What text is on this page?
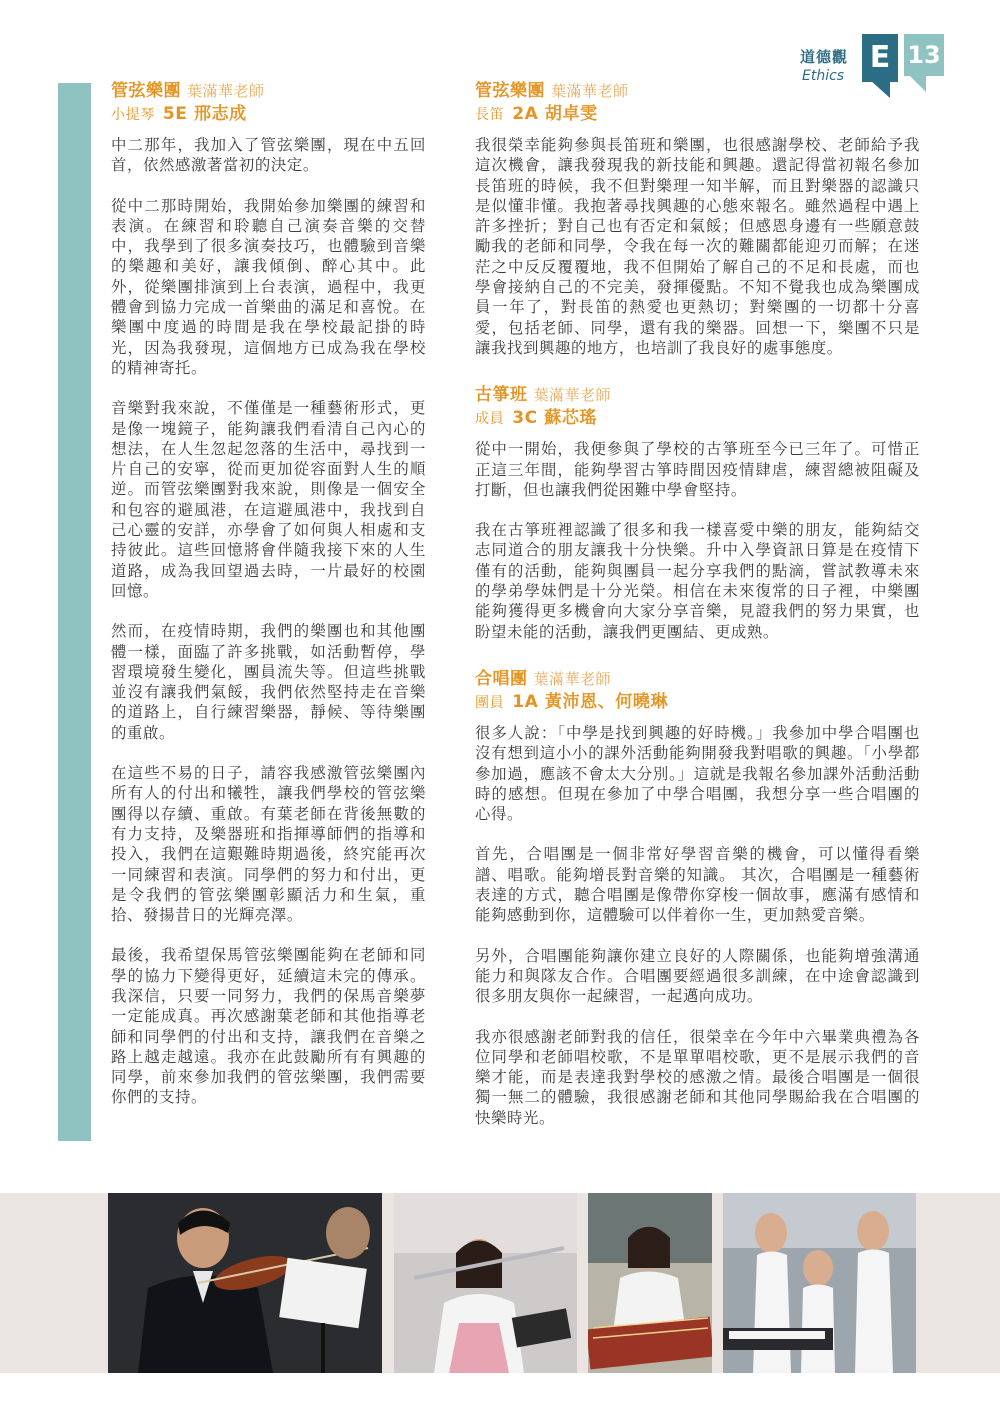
道德觀
Ethics
E 13
管弦樂團 葉滿華老師
小提琴 5E 邢志成

中二那年，我加入了管弦樂團，現在中五回首，依然感激著當初的決定。

從中二那時開始，我開始參加樂團的練習和表演。在練習和聆聽自己演奏音樂的交替中，我學到了很多演奏技巧，也體驗到音樂的樂趣和美好，讓我傾倒、醉心其中。此外，從樂團排演到上台表演，過程中，我更體會到協力完成一首樂曲的滿足和喜悅。在樂團中度過的時間是我在學校最記掛的時光，因為我發現，這個地方已成為我在學校的精神寄托。

音樂對我來說，不僅僅是一種藝術形式，更是像一塊鏡子，能夠讓我們看清自己內心的想法，在人生忽起忽落的生活中，尋找到一片自己的安寧，從而更加從容面對人生的順逆。而管弦樂團對我來說，則像是一個安全和包容的避風港，在這避風港中，我找到自己心靈的安詳，亦學會了如何與人相處和支持彼此。這些回憶將會伴隨我接下來的人生道路，成為我回望過去時，一片最好的校園回憶。

然而，在疫情時期，我們的樂團也和其他團體一樣，面臨了許多挑戰，如活動暫停，學習環境發生變化，團員流失等。但這些挑戰並沒有讓我們氣餒，我們依然堅持走在音樂的道路上，自行練習樂器，靜候、等待樂團的重啟。

在這些不易的日子，請容我感激管弦樂團內所有人的付出和犧牲，讓我們學校的管弦樂團得以存續、重啟。有葉老師在背後無數的有力支持，及樂器班和指揮導師們的指導和投入，我們在這艱難時期過後，終究能再次一同練習和表演。同學們的努力和付出，更是令我們的管弦樂團彰顯活力和生氣，重拾、發揚昔日的光輝亮澤。

最後，我希望保馬管弦樂團能夠在老師和同學的協力下變得更好，延續這未完的傳承。我深信，只要一同努力，我們的保馬音樂夢一定能成真。再次感謝葉老師和其他指導老師和同學們的付出和支持，讓我們在音樂之路上越走越遠。我亦在此鼓勵所有有興趣的同學，前來參加我們的管弦樂團，我們需要你們的支持。

管弦樂團 葉滿華老師
長笛 2A 胡卓雯

我很榮幸能夠參與長笛班和樂團，也很感謝學校、老師給予我這次機會，讓我發現我的新技能和興趣。還記得當初報名參加長笛班的時候，我不但對樂理一知半解，而且對樂器的認識只是似懂非懂。我抱著尋找興趣的心態來報名。雖然過程中遇上許多挫折；對自己也有否定和氣餒；但感恩身邊有一些願意鼓勵我的老師和同學，令我在每一次的難關都能迎刃而解；在迷茫之中反反覆覆地，我不但開始了解自己的不足和長處，而也學會接納自己的不完美，發揮優點。不知不覺我也成為樂團成員一年了，對長笛的熱愛也更熱切；對樂團的一切都十分喜愛，包括老師、同學，還有我的樂器。回想一下，樂團不只是讓我找到興趣的地方，也培訓了我良好的處事態度。

古箏班 葉滿華老師
成員 3C 蘇芯瑤

從中一開始，我便參與了學校的古箏班至今已三年了。可惜正正這三年間，能夠學習古箏時間因疫情肆虐，練習總被阻礙及打斷，但也讓我們從困難中學會堅持。

我在古箏班裡認識了很多和我一樣喜愛中樂的朋友，能夠結交志同道合的朋友讓我十分快樂。升中入學資訊日算是在疫情下僅有的活動，能夠與團員一起分享我們的點滴，嘗試教導未來的學弟學妹們是十分光榮。相信在未來復常的日子裡，中樂團能夠獲得更多機會向大家分享音樂，見證我們的努力果實，也盼望未能的活動，讓我們更團結、更成熟。

合唱團 葉滿華老師
團員 1A 黃沛恩、何曉琳

很多人說：「中學是找到興趣的好時機。」我參加中學合唱團也沒有想到這小小的課外活動能夠開發我對唱歌的興趣。「小學都參加過，應該不會太大分別。」這就是我報名參加課外活動活動時的感想。但現在參加了中學合唱團，我想分享一些合唱團的心得。

首先，合唱團是一個非常好學習音樂的機會，可以懂得看樂譜、唱歌。能夠增長對音樂的知識。 其次，合唱團是一種藝術表達的方式，聽合唱團是像帶你穿梭一個故事，應滿有感情和能夠感動到你，這體驗可以伴着你一生，更加熱愛音樂。

另外，合唱團能夠讓你建立良好的人際關係，也能夠增強溝通能力和與隊友合作。合唱團要經過很多訓練，在中途會認識到很多朋友與你一起練習，一起邁向成功。

我亦很感謝老師對我的信任，很榮幸在今年中六畢業典禮為各位同學和老師唱校歌，不是單單唱校歌，更不是展示我們的音樂才能，而是表達我對學校的感激之情。最後合唱團是一個很獨一無二的體驗，我很感謝老師和其他同學賜給我在合唱團的快樂時光。
